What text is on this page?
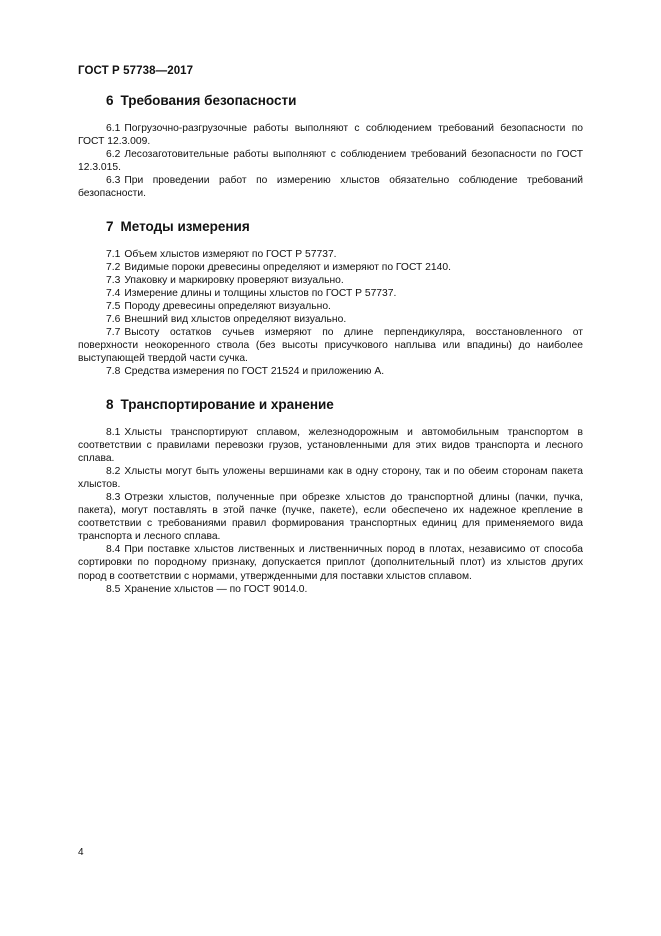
ГОСТ Р 57738—2017
6 Требования безопасности

6.1 Погрузочно-разгрузочные работы выполняют с соблюдением требований безопасности по ГОСТ 12.3.009.

6.2 Лесозаготовительные работы выполняют с соблюдением требований безопасности по ГОСТ 12.3.015.

6.3 При проведении работ по измерению хлыстов обязательно соблюдение требований безопасности.

7 Методы измерения

7.1 Объем хлыстов измеряют по ГОСТ Р 57737.

7.2 Видимые пороки древесины определяют и измеряют по ГОСТ 2140.

7.3 Упаковку и маркировку проверяют визуально.

7.4 Измерение длины и толщины хлыстов по ГОСТ Р 57737.

7.5 Породу древесины определяют визуально.

7.6 Внешний вид хлыстов определяют визуально.

7.7 Высоту остатков сучьев измеряют по длине перпендикуляра, восстановленного от поверхности неокоренного ствола (без высоты присучкового наплыва или впадины) до наиболее выступающей твердой части сучка.

7.8 Средства измерения по ГОСТ 21524 и приложению А.

8 Транспортирование и хранение

8.1 Хлысты транспортируют сплавом, железнодорожным и автомобильным транспортом в соответствии с правилами перевозки грузов, установленными для этих видов транспорта и лесного сплава.

8.2 Хлысты могут быть уложены вершинами как в одну сторону, так и по обеим сторонам пакета хлыстов.

8.3 Отрезки хлыстов, полученные при обрезке хлыстов до транспортной длины (пачки, пучка, пакета), могут поставлять в этой пачке (пучке, пакете), если обеспечено их надежное крепление в соответствии с требованиями правил формирования транспортных единиц для применяемого вида транспорта и лесного сплава.

8.4 При поставке хлыстов лиственных и лиственничных пород в плотах, независимо от способа сортировки по породному признаку, допускается приплот (дополнительный плот) из хлыстов других пород в соответствии с нормами, утвержденными для поставки хлыстов сплавом.

8.5 Хранение хлыстов — по ГОСТ 9014.0.

4
